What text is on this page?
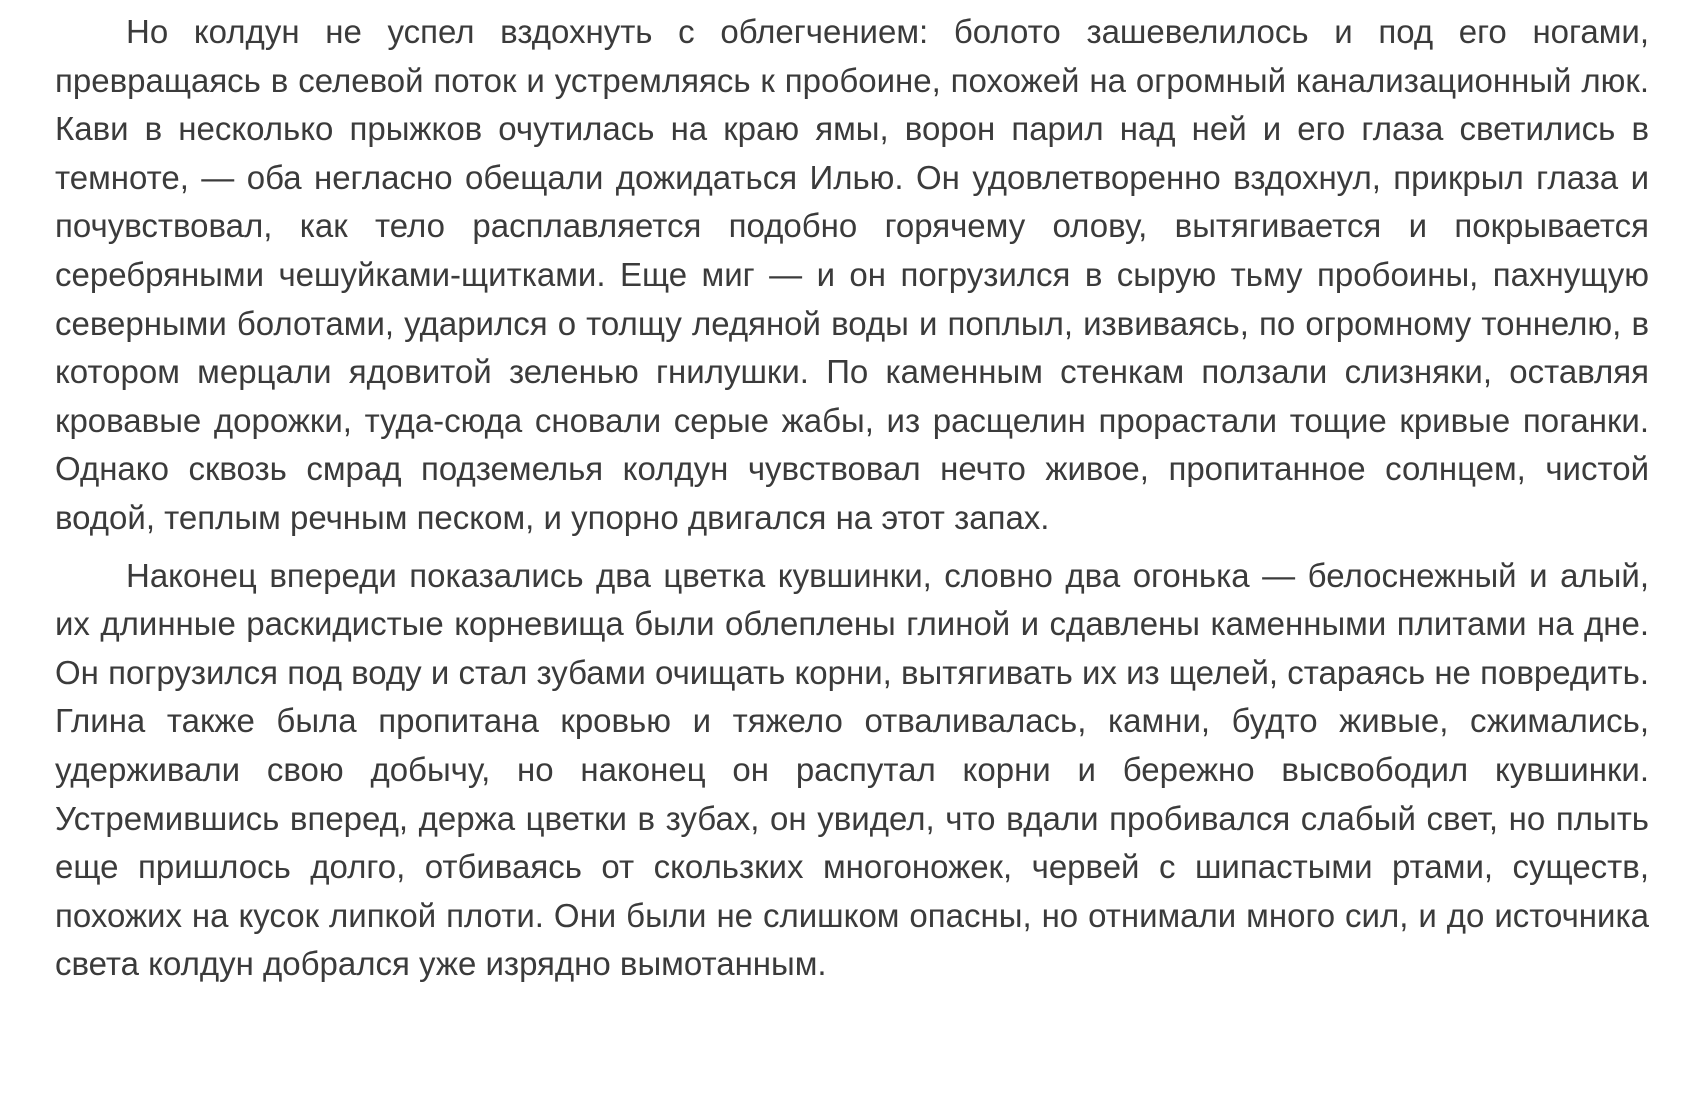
Но колдун не успел вздохнуть с облегчением: болото зашевелилось и под его ногами, превращаясь в селевой поток и устремляясь к пробоине, похожей на огромный канализационный люк. Кави в несколько прыжков очутилась на краю ямы, ворон парил над ней и его глаза светились в темноте, — оба негласно обещали дожидаться Илью. Он удовлетворенно вздохнул, прикрыл глаза и почувствовал, как тело расплавляется подобно горячему олову, вытягивается и покрывается серебряными чешуйками-щитками. Еще миг — и он погрузился в сырую тьму пробоины, пахнущую северными болотами, ударился о толщу ледяной воды и поплыл, извиваясь, по огромному тоннелю, в котором мерцали ядовитой зеленью гнилушки. По каменным стенкам ползали слизняки, оставляя кровавые дорожки, туда-сюда сновали серые жабы, из расщелин прорастали тощие кривые поганки. Однако сквозь смрад подземелья колдун чувствовал нечто живое, пропитанное солнцем, чистой водой, теплым речным песком, и упорно двигался на этот запах.

Наконец впереди показались два цветка кувшинки, словно два огонька — белоснежный и алый, их длинные раскидистые корневища были облеплены глиной и сдавлены каменными плитами на дне. Он погрузился под воду и стал зубами очищать корни, вытягивать их из щелей, стараясь не повредить. Глина также была пропитана кровью и тяжело отваливалась, камни, будто живые, сжимались, удерживали свою добычу, но наконец он распутал корни и бережно высвободил кувшинки. Устремившись вперед, держа цветки в зубах, он увидел, что вдали пробивался слабый свет, но плыть еще пришлось долго, отбиваясь от скользких многоножек, червей с шипастыми ртами, существ, похожих на кусок липкой плоти. Они были не слишком опасны, но отнимали много сил, и до источника света колдун добрался уже изрядно вымотанным.
